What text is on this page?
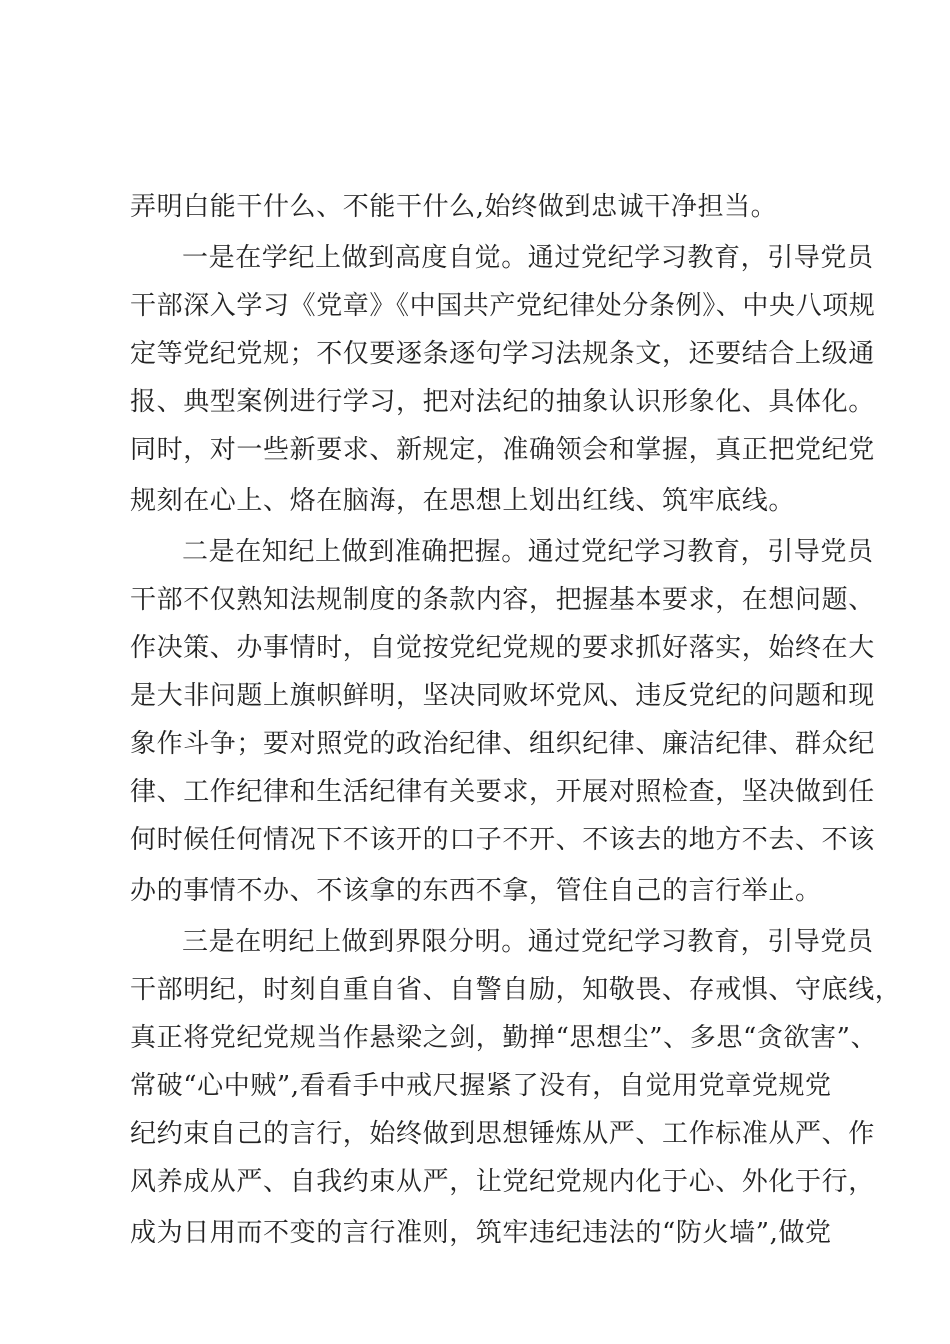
弄明白能干什么、不能干什么,始终做到忠诚干净担当。
一是在学纪上做到高度自觉。通过党纪学习教育，引导党员
干部深入学习《党章》《中国共产党纪律处分条例》、中央八项规
定等党纪党规；不仅要逐条逐句学习法规条文，还要结合上级通
报、典型案例进行学习，把对法纪的抽象认识形象化、具体化。
同时，对一些新要求、新规定，准确领会和掌握，真正把党纪党
规刻在心上、烙在脑海，在思想上划出红线、筑牢底线。
二是在知纪上做到准确把握。通过党纪学习教育，引导党员
干部不仅熟知法规制度的条款内容，把握基本要求，在想问题、
作决策、办事情时，自觉按党纪党规的要求抓好落实，始终在大
是大非问题上旗帜鲜明，坚决同败坏党风、违反党纪的问题和现
象作斗争；要对照党的政治纪律、组织纪律、廉洁纪律、群众纪
律、工作纪律和生活纪律有关要求，开展对照检查，坚决做到任
何时候任何情况下不该开的口子不开、不该去的地方不去、不该
办的事情不办、不该拿的东西不拿，管住自己的言行举止。
三是在明纪上做到界限分明。通过党纪学习教育，引导党员
干部明纪，时刻自重自省、自警自励，知敬畏、存戒惧、守底线，
真正将党纪党规当作悬梁之剑，勤掸“思想尘”、多思“贪欲害”、
常破“心中贼”,看看手中戒尺握紧了没有，自觉用党章党规党
纪约束自己的言行，始终做到思想锤炼从严、工作标准从严、作
风养成从严、自我约束从严，让党纪党规内化于心、外化于行，
成为日用而不变的言行准则，筑牢违纪违法的“防火墙”,做党
